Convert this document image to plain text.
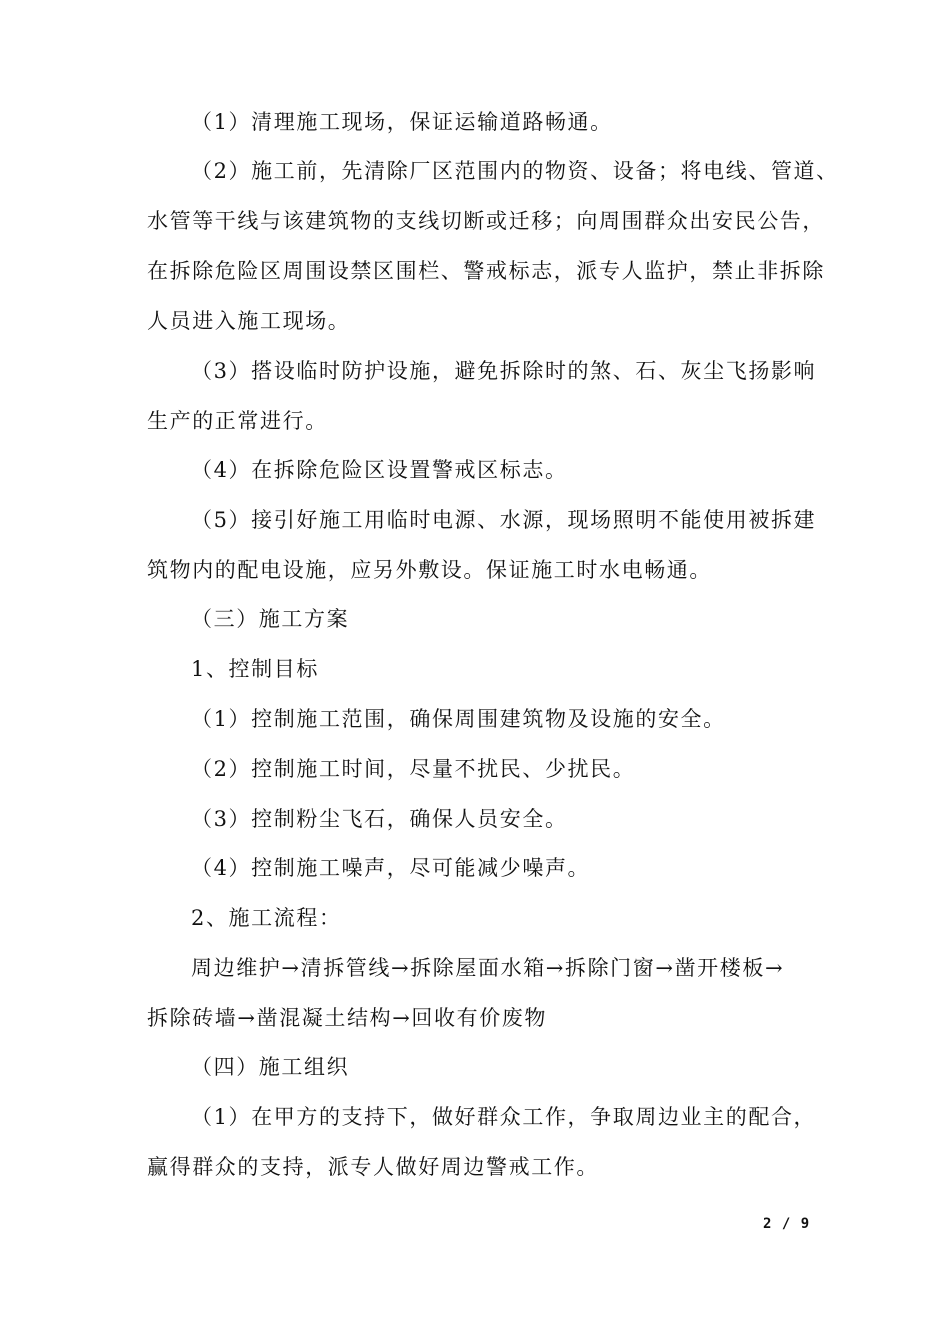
（1）清理施工现场，保证运输道路畅通。
（2）施工前，先清除厂区范围内的物资、设备；将电线、管道、
水管等干线与该建筑物的支线切断或迁移；向周围群众出安民公告，
在拆除危险区周围设禁区围栏、警戒标志，派专人监护，禁止非拆除
人员进入施工现场。
（3）搭设临时防护设施，避免拆除时的煞、石、灰尘飞扬影响
生产的正常进行。
（4）在拆除危险区设置警戒区标志。
（5）接引好施工用临时电源、水源，现场照明不能使用被拆建
筑物内的配电设施，应另外敷设。保证施工时水电畅通。
（三）施工方案
1、控制目标
（1）控制施工范围，确保周围建筑物及设施的安全。
（2）控制施工时间，尽量不扰民、少扰民。
（3）控制粉尘飞石，确保人员安全。
（4）控制施工噪声，尽可能减少噪声。
2、施工流程：
周边维护→清拆管线→拆除屋面水箱→拆除门窗→凿开楼板→
拆除砖墙→凿混凝土结构→回收有价废物
（四）施工组织
（1）在甲方的支持下，做好群众工作，争取周边业主的配合，
赢得群众的支持，派专人做好周边警戒工作。
2 / 9
